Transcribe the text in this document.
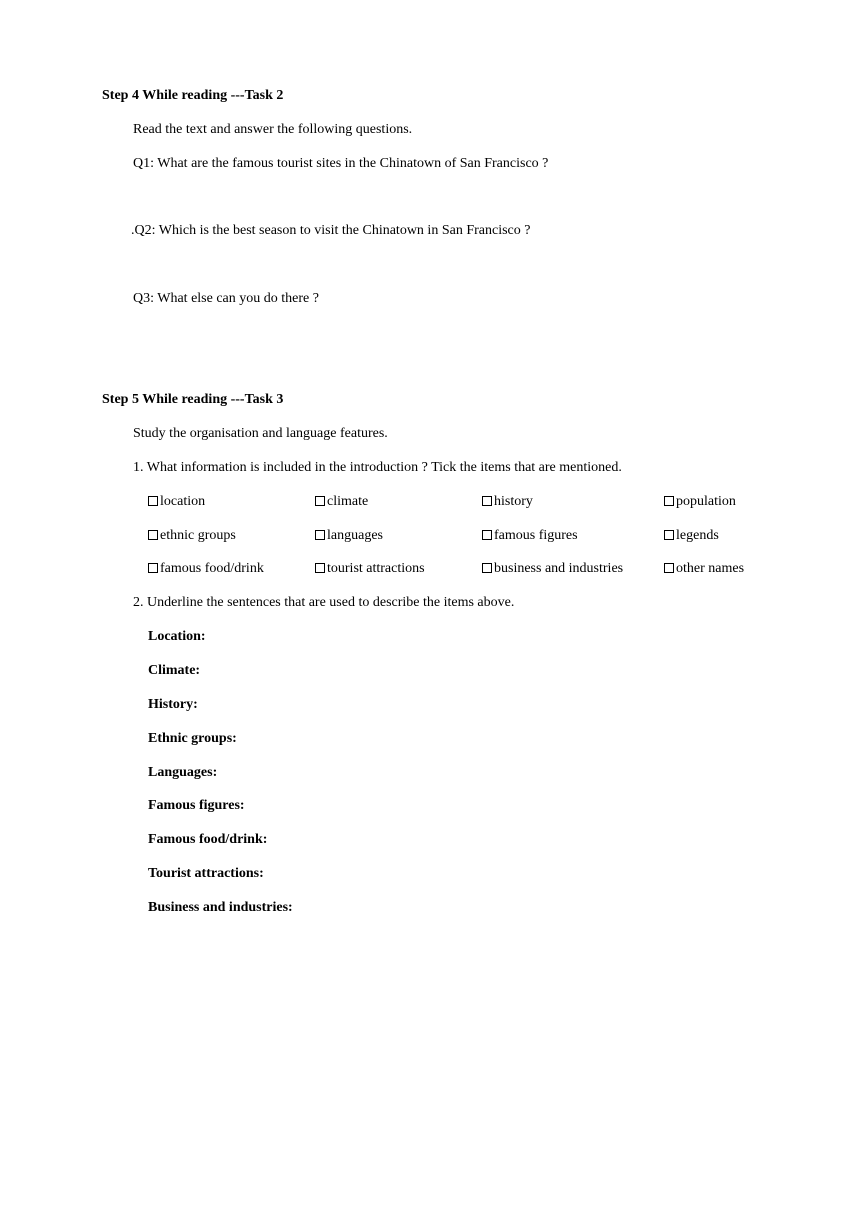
Step 4 While reading ---Task 2
Read the text and answer the following questions.
Q1: What are the famous tourist sites in the Chinatown of San Francisco ?
.Q2: Which is the best season to visit the Chinatown in San Francisco ?
Q3: What else can you do there ?
Step 5 While reading ---Task 3
Study the organisation and language features.
1. What information is included in the introduction ? Tick the items that are mentioned.
location	climate	history	population
ethnic groups	languages	famous figures	legends
famous food/drink	tourist attractions	business and industries	other names
2. Underline the sentences that are used to describe the items above.
Location:
Climate:
History:
Ethnic groups:
Languages:
Famous figures:
Famous food/drink:
Tourist attractions:
Business and industries:
